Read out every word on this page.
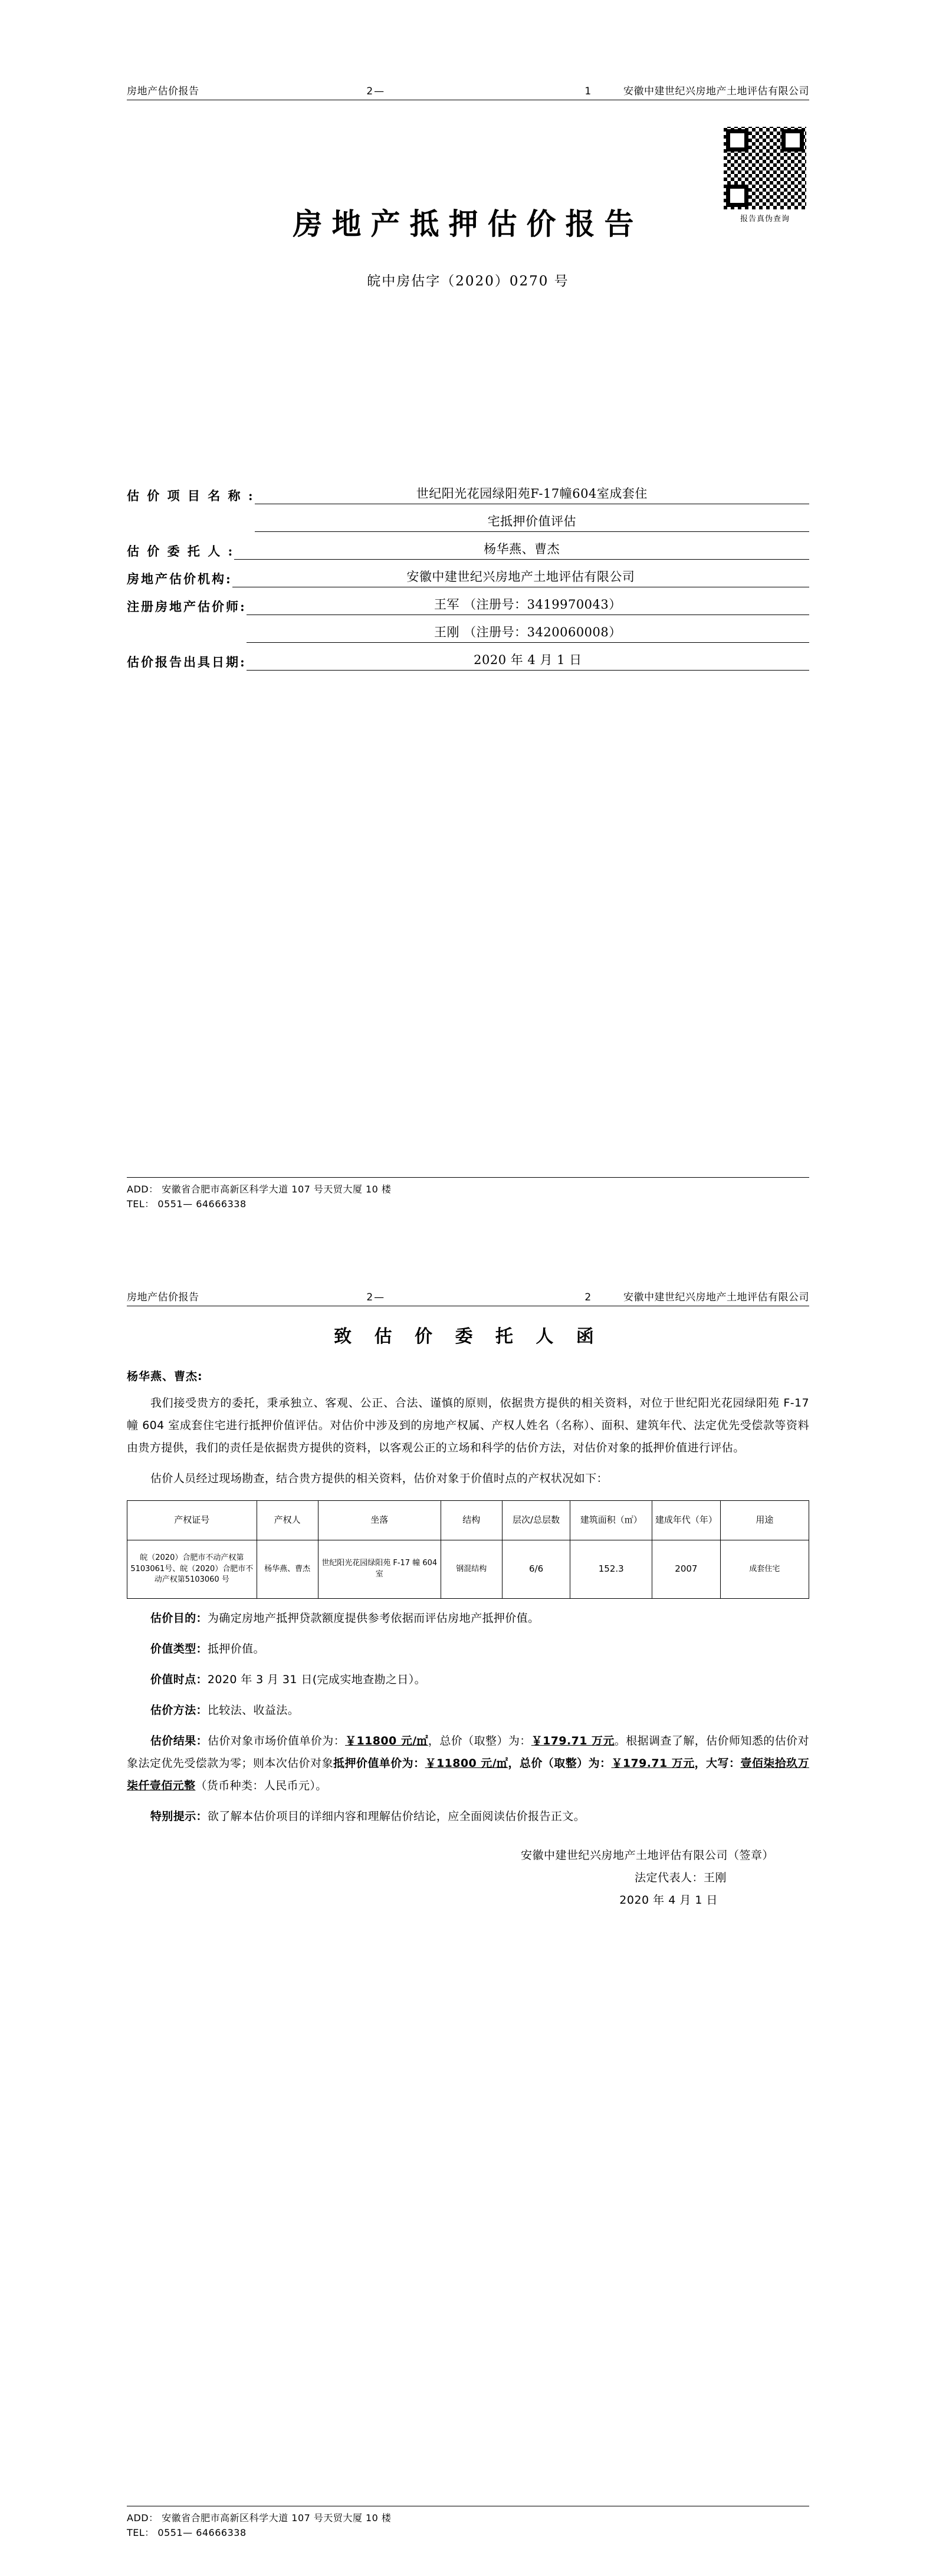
房地产估价报告	2—	1	安徽中建世纪兴房地产土地评估有限公司
报告真伪查询
房地产抵押估价报告
皖中房估字（2020）0270 号
估 价 项 目 名 称 :	世纪阳光花园绿阳苑F-17幢604室成套住
宅抵押价值评估
估 价 委 托 人 :	杨华燕、曹杰
房地产估价机构:	安徽中建世纪兴房地产土地评估有限公司
注册房地产估价师:	王军 （注册号：3419970043）
王刚 （注册号：3420060008）
估价报告出具日期:	2020 年 4 月 1 日
ADD： 安徽省合肥市高新区科学大道 107 号天贸大厦 10 楼
TEL： 0551— 64666338
房地产估价报告	2—	2	安徽中建世纪兴房地产土地评估有限公司
致 估 价 委 托 人 函
杨华燕、曹杰:

我们接受贵方的委托，秉承独立、客观、公正、合法、谨慎的原则，依据贵方提供的相关资料，对位于世纪阳光花园绿阳苑 F-17 幢 604 室成套住宅进行抵押价值评估。对估价中涉及到的房地产权属、产权人姓名（名称）、面积、建筑年代、法定优先受偿款等资料由贵方提供，我们的责任是依据贵方提供的资料，以客观公正的立场和科学的估价方法，对估价对象的抵押价值进行评估。

估价人员经过现场勘查，结合贵方提供的相关资料，估价对象于价值时点的产权状况如下：

产权证号	产权人	坐落	结构	层次/总层数	建筑面积（㎡）	建成年代（年）	用途
皖（2020）合肥市不动产权第5103061号、皖（2020）合肥市不动产权第5103060 号	杨华燕、曹杰	世纪阳光花园绿阳苑 F-17 幢 604 室	钢混结构	6/6	152.3	2007	成套住宅

估价目的：为确定房地产抵押贷款额度提供参考依据而评估房地产抵押价值。

价值类型：抵押价值。

价值时点：2020 年 3 月 31 日(完成实地查勘之日）。

估价方法：比较法、收益法。

估价结果：估价对象市场价值单价为：￥11800 元/㎡，总价（取整）为：￥179.71 万元。根据调查了解，估价师知悉的估价对象法定优先受偿款为零；则本次估价对象抵押价值单价为：￥11800 元/㎡，总价（取整）为：￥179.71 万元，大写：壹佰柒拾玖万柒仟壹佰元整（货币种类：人民币元）。

特别提示：欲了解本估价项目的详细内容和理解估价结论，应全面阅读估价报告正文。

安徽中建世纪兴房地产土地评估有限公司（签章）
法定代表人：王刚
2020 年 4 月 1 日
ADD： 安徽省合肥市高新区科学大道 107 号天贸大厦 10 楼
TEL： 0551— 64666338
